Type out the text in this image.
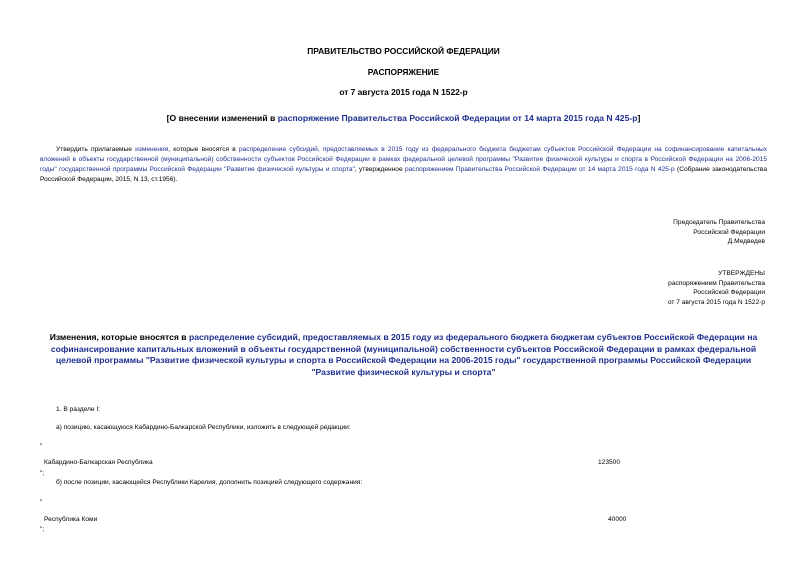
ПРАВИТЕЛЬСТВО РОССИЙСКОЙ ФЕДЕРАЦИИ
РАСПОРЯЖЕНИЕ
от 7 августа 2015 года N 1522-р
[О внесении изменений в распоряжение Правительства Российской Федерации от 14 марта 2015 года N 425-р]
Утвердить прилагаемые изменения, которые вносятся в распределение субсидий, предоставляемых в 2015 году из федерального бюджета бюджетам субъектов Российской Федерации на софинансирование капитальных вложений в объекты государственной (муниципальной) собственности субъектов Российской Федерации в рамках федеральной целевой программы "Развитие физической культуры и спорта в Российской Федерации на 2006-2015 годы" государственной программы Российской Федерации "Развитие физической культуры и спорта", утвержденное распоряжением Правительства Российской Федерации от 14 марта 2015 года N 425-р (Собрание законодательства Российской Федерации, 2015, N 13, ст.1956).
Председатель Правительства
Российской Федерации
Д.Медведев
УТВЕРЖДЕНЫ
распоряжением Правительства
Российской Федерации
от 7 августа 2015 года N 1522-р
Изменения, которые вносятся в распределение субсидий, предоставляемых в 2015 году из федерального бюджета бюджетам субъектов Российской Федерации на софинансирование капитальных вложений в объекты государственной (муниципальной) собственности субъектов Российской Федерации в рамках федеральной целевой программы "Развитие физической культуры и спорта в Российской Федерации на 2006-2015 годы" государственной программы Российской Федерации "Развитие физической культуры и спорта"
1. В разделе I:
а) позицию, касающуюся Кабардино-Балкарской Республики, изложить в следующей редакции:
"
Кабардино-Балкарская Республика	123500
";
б) после позиции, касающейся Республики Карелия, дополнить позицией следующего содержания:
"
Республика Коми	40000
";
